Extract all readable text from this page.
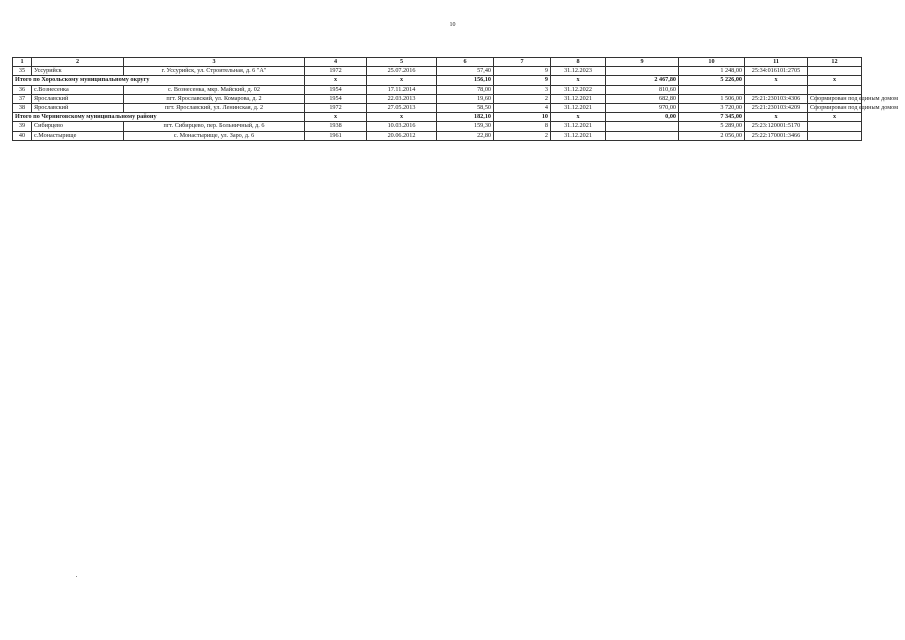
10
1	2	3	4	5	6	7	8	9	10	11	12
35	Уссурийск	г. Уссурийск, ул. Строительная, д. 6 "А"	1972	25.07.2016	57,40	9	31.12.2023		1 248,00	25:34:016101:2705	
Итого по Хорольскому муниципальному округу			х	х	156,10	9	х	2 467,80	5 226,00	х	х
36	с.Вознесенка	с. Вознесенка, мкр. Майский, д. 02	1954	17.11.2014	78,00	3	31.12.2022	810,60			
37	Ярославский	пгт. Ярославский, ул. Комарова, д. 2	1954	22.03.2013	19,60	2	31.12.2021	682,80	1 506,00	25:21:230103:4306	Сформирован под единым домом
38	Ярославский	пгт. Ярославский, ул. Ленинская, д. 2	1972	27.05.2013	58,50	4	31.12.2021	970,00	3 720,00	25:21:230103:4209	Сформирован под единым домом
Итого по Черниговскому муниципальному району			х	х	182,10	10	х	0,00	7 345,00	х	х
39	Сибирцево	пгт. Сибирцево, пер. Больничный, д. 6	1938	10.03.2016	159,30	8	31.12.2021		5 289,00	25:23:120001:5170	
40	с.Монастырище	с. Монастырище, ул. Заро, д. 6	1961	20.06.2012	22,80	2	31.12.2021		2 056,00	25:22:170001:3466	
